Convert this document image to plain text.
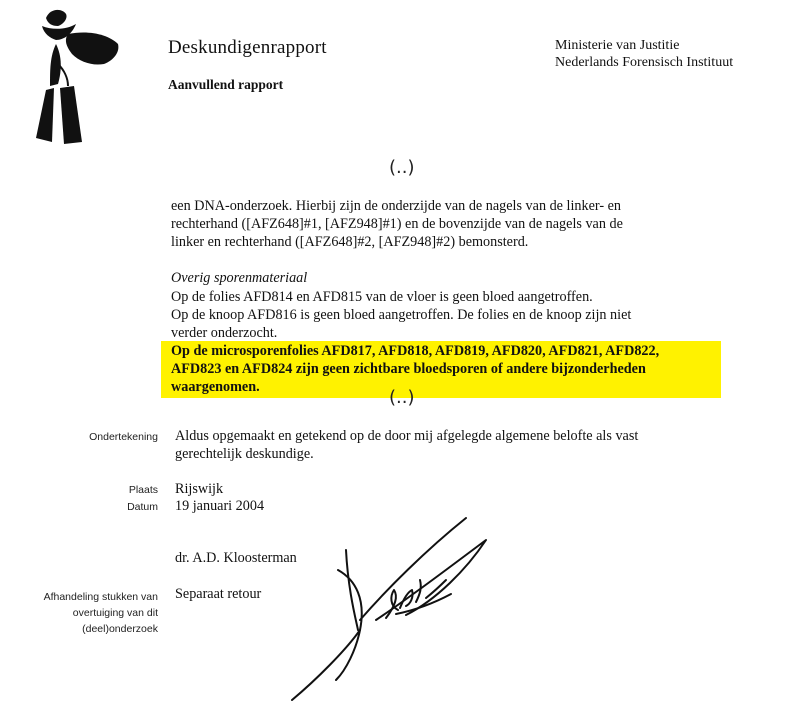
Deskundigenrapport
Aanvullend rapport
Ministerie van Justitie
Nederlands Forensisch Instituut
(..)
een DNA-onderzoek. Hierbij zijn de onderzijde van de nagels van de linker- en
rechterhand ([AFZ648]#1, [AFZ948]#1) en de bovenzijde van de nagels van de
linker en rechterhand ([AFZ648]#2, [AFZ948]#2) bemonsterd.
Overig sporenmateriaal
Op de folies AFD814 en AFD815 van de vloer is geen bloed aangetroffen.
Op de knoop AFD816 is geen bloed aangetroffen. De folies en de knoop zijn niet
verder onderzocht.
Op de microsporenfolies AFD817, AFD818, AFD819, AFD820, AFD821, AFD822,
AFD823 en AFD824 zijn geen zichtbare bloedsporen of andere bijzonderheden
waargenomen.	(..)
Ondertekening Aldus opgemaakt en getekend op de door mij afgelegde algemene belofte als vast
gerechtelijk deskundige.
Plaats Rijswijk
Datum 19 januari 2004
dr. A.D. Kloosterman
Afhandeling stukken van
overtuiging van dit
(deel)onderzoek
Separaat retour
